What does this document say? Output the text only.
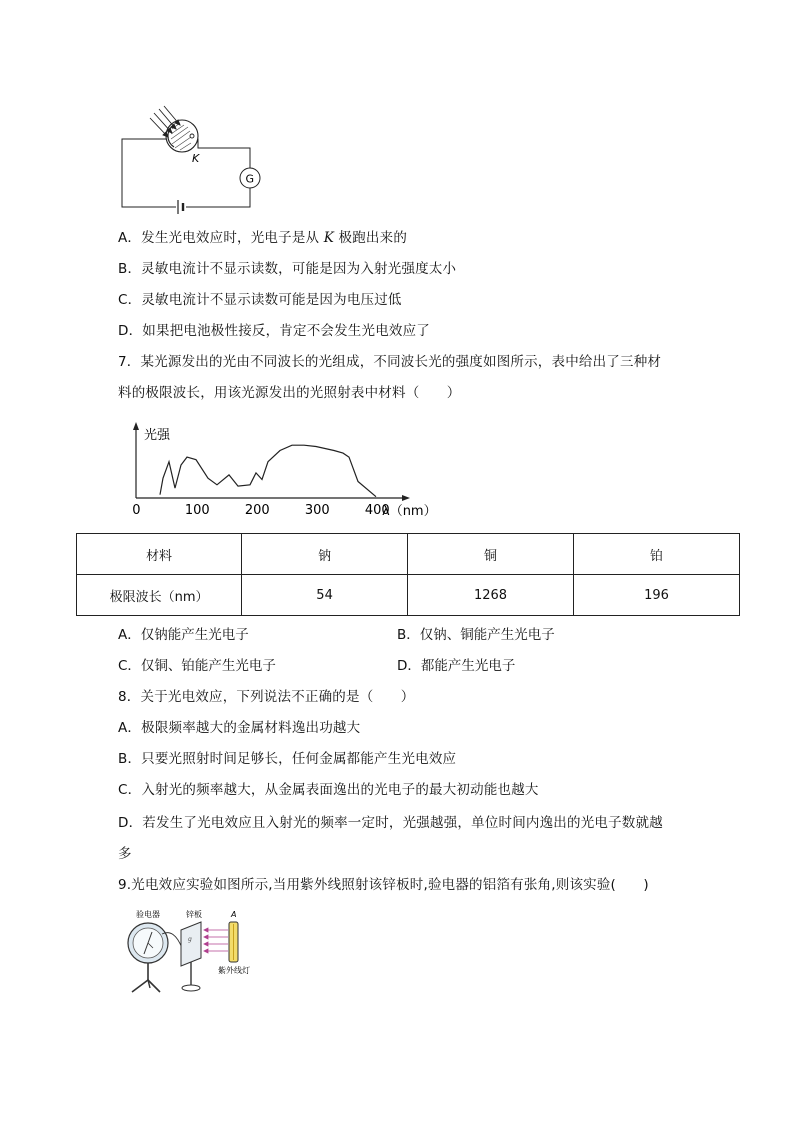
K
G
A．发生光电效应时，光电子是从 K 极跑出来的
B．灵敏电流计不显示读数，可能是因为入射光强度太小
C．灵敏电流计不显示读数可能是因为电压过低
D．如果把电池极性接反，肯定不会发生光电效应了
7．某光源发出的光由不同波长的光组成，不同波长光的强度如图所示，表中给出了三种材
料的极限波长，用该光源发出的光照射表中材料（　　）
0	100	200	300	400
光强
λ（nm）
材料	钠	铜	铂
极限波长（nm）	54	1268	196
A．仅钠能产生光电子	B．仅钠、铜能产生光电子
C．仅铜、铂能产生光电子	D．都能产生光电子
8．关于光电效应，下列说法不正确的是（　　）
A．极限频率越大的金属材料逸出功越大
B．只要光照射时间足够长，任何金属都能产生光电效应
C．入射光的频率越大，从金属表面逸出的光电子的最大初动能也越大
D．若发生了光电效应且入射光的频率一定时，光强越强，单位时间内逸出的光电子数就越
多
9.光电效应实验如图所示,当用紫外线照射该锌板时,验电器的铝箔有张角,则该实验(　　)
验电器	锌板	A
紫外线灯
g
